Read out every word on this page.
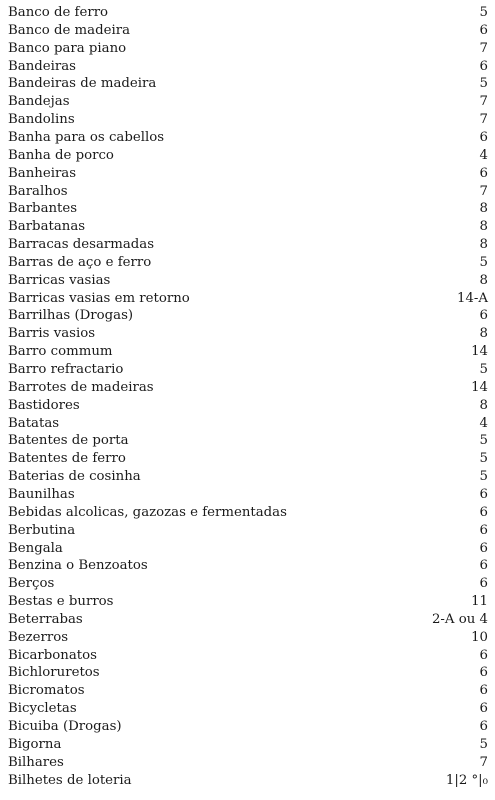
Banco de ferro	5
Banco de madeira	6
Banco para piano	7
Bandeiras	6
Bandeiras de madeira	5
Bandejas	7
Bandolins	7
Banha para os cabellos	6
Banha de porco	4
Banheiras	6
Baralhos	7
Barbantes	8
Barbatanas	8
Barracas desarmadas	8
Barras de aço e ferro	5
Barricas vasias	8
Barricas vasias em retorno	14-A
Barrilhas (Drogas)	6
Barris vasios	8
Barro commum	14
Barro refractario	5
Barrotes de madeiras	14
Bastidores	8
Batatas	4
Batentes de porta	5
Batentes de ferro	5
Baterias de cosinha	5
Baunilhas	6
Bebidas alcolicas, gazozas e fermentadas	6
Berbutina	6
Bengala	6
Benzina o Benzoatos	6
Berços	6
Bestas e burros	11
Beterrabas	2-A ou 4
Bezerros	10
Bicarbonatos	6
Bichloruretos	6
Bicromatos	6
Bicycletas	6
Bicuiba (Drogas)	6
Bigorna	5
Bilhares	7
Bilhetes de loteria	1|2 °|₀
